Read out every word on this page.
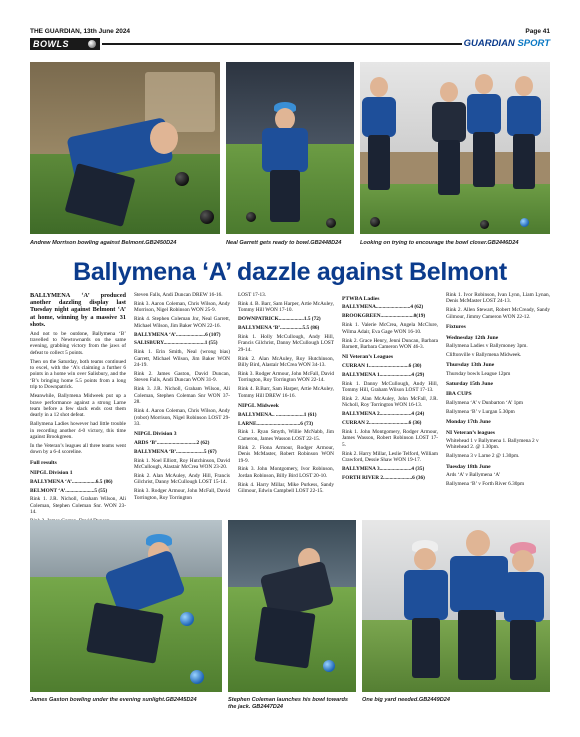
THE GUARDIAN, 13th June 2024	Page 41
BOWLS	GUARDIAN SPORT
Andrew Morrison bowling against Belmont.GB2450D24	Neal Garrett gets ready to bowl.GB2448D24	Looking on trying to encourage the bowl closer.GB2446D24
Ballymena ‘A’ dazzle against Belmont

BALLYMENA ‘A’ produced another dazzling display last Tuesday night against Belmont ‘A’ at home, winning by a massive 31 shots.

And not to be outdone, Ballymena ‘B’ travelled to Newtownards on the same evening, grabbing victory from the jaws of defeat to collect 5 points.

Then on the Saturday, both teams continued to excel, with the ‘A’s claiming a further 6 points in a home win over Salisbury, and the ‘B’s bringing home 5.5 points from a long trip to Downpatrick.

Meanwhile, Ballymena Midweek put up a brave performance against a strong Larne team before a few slack ends cost them dearly in a 12 shot defeat.

Ballymena Ladies however had little trouble in recording another 4-0 victory, this time against Brookgreen.

In the Veteran’s leagues all three teams went down by a 6-4 scoreline.

Full results

NIPGL Division 1

BALLYMENA ‘A’..................6.5 (86)

BELMONT ‘A’......................5 (55)

Rink 1. J.R. Nicholl, Graham Wilson, Ali Coleman, Stephen Coleman Snr. WON 23-14.

Steven Falls, Andi Duncan DREW 16-16.

Rink 3. Aaron Coleman, Chris Wilson, Andy Morrison, Nigel Robinson WON 25-9.

Rink 4. Stephen Coleman Jnr, Neal Garrett, Michael Wilson, Jim Baker WON 22-16.

BALLYMENA ‘A’......................6 (107)

SALISBURY...............................1 (55)

Rink 1. Erin Smith, Neal (wrong bias) Garrett, Michael Wilson, Jim Baker WON 24-19.

Rink 2. James Gaston, David Duncan, Steven Falls, Andi Duncan WON 31-9.

Rink 3. J.R. Nicholl, Graham Wilson, Ali Coleman, Stephen Coleman Snr WON 37-28.

Rink 4. Aaron Coleman, Chris Wilson, Andy (robot) Morrison, Nigel Robinson LOST 29-33.

NIPGL Division 3

ARDS ‘B’..............................2 (62)

BALLYMENA ‘B’.....................5 (67)

Rink 1. Noel Elliott, Roy Hutchinson, David McCullough, Alastair McCrea WON 23-20.

Rink 2. Alan McAuley, Andy Hill, Francis Gilchrist, Danny McCullough LOST 15-14.

Rink 3. Rodger Armour, John McFall, David Torrington, Roy Torrington

LOST 17-13.

Rink 4. B. Barr, Sam Harper, Artie McAuley, Tommy Hill WON 17-10.

DOWNPATRICK...................1.5 (72)

BALLYMENA ‘B’.................5.5 (86)

Rink 1. Holly McCullough, Andy Hill, Francis Gilchrist, Danny McCullough LOST 29-14.

Rink 2. Alan McAuley, Roy Hutchinson, Billy Bird, Alastair McCrea WON 34-13.

Rink 3. Rodger Armour, John McFall, David Torrington, Roy Torrington WON 22-14.

Rink 4. B.Barr, Sam Harper, Artie McAuley, Tommy Hill DREW 16-16.

NIPGL Midweek

BALLYMENA.. .....................1 (61)

LARNE.................................6 (73)

Rink 1. Ryan Smyth, Willie McNabb, Jim Cameron, James Wasson LOST 22-15.

Rink 2. Fiona Armour, Rodger Armour, Denis McMaster, Robert Robinson WON 19-9.

Rink 3. John Montgomery, Ivor Robinson, Jordan Robinson, Billy Bird LOST 20-10.

Rink 4. Harry Millar, Mike Purkess, Sandy Gilmour, Edwin Campbell LOST 22-15.

PTWBA Ladies

BALLYMENA..........................4 (62)

BROOKGREEN.........................0(19)

Rink 1. Valerie McCrea, Angela McClure, Wilma Adair, Eva Gage WON 16-10.

Rink 2. Grace Henry, Jenni Duncan, Barbara Barnett, Barbara Cameron WON 46-3.

NI Veteran’s Leagues

CURRAN 1..............................6 (30)

BALLYMENA 1........................4 (29)

Rink 1. Danny McCullough, Andy Hill, Tommy Hill, Graham Wilson LOST 17-13.

Rink 2. Alan McAuley, John McFall, J.R. Nicholl, Roy Torrington WON 16-13.

BALLYMENA 2........................4 (24)

CURRAN 2..............................6 (36)

Rink 1. John Montgomery, Rodger Armour, James Wasson, Robert Robinson LOST 17-5.

Rink 2. Harry Millar, Leslie Telford, William Crawford, Dessie Shaw WON 19-17.

BALLYMENA 3........................4 (35)

FORTH RIVER 2......................6 (36)

Rink 1. Ivor Robinson, Ivan Lynn, Liam Lynan, Denis McMaster LOST 24-13.

Rink 2. Allen Stewart, Robert McCready, Sandy Gilmour, Jimmy Cameron WON 22-12.

Fixtures

Wednesday 12th June

Ballymena Ladies v Ballymoney 3pm.

Cliftonville v Ballymena Midweek.

Thursday 13th June

Thursday bowls League 12pm

Saturday 15th June

IBA CUPS

Ballymena ‘A’ v Dunbarton ‘A’ 1pm

Ballymena ‘B’ v Lurgan 5.30pm

Monday 17th June

NI Veteran’s leagues

Whitehead 1 v Ballymena 1. Ballymena 2 v Whitehead 2. @ 1.30pm.

Ballymena 3 v Larne 2 @ 1.30pm.

Tuesday 18th June

Ards ‘A’ v Ballymena ‘A’

Ballymena ‘B’ v Forth River 6.30pm

James Gaston bowling under the evening sunlight.GB2445D24	Stephen Coleman launches his bowl towards the jack. GB2447D24
One big yard needed.GB2449D24
